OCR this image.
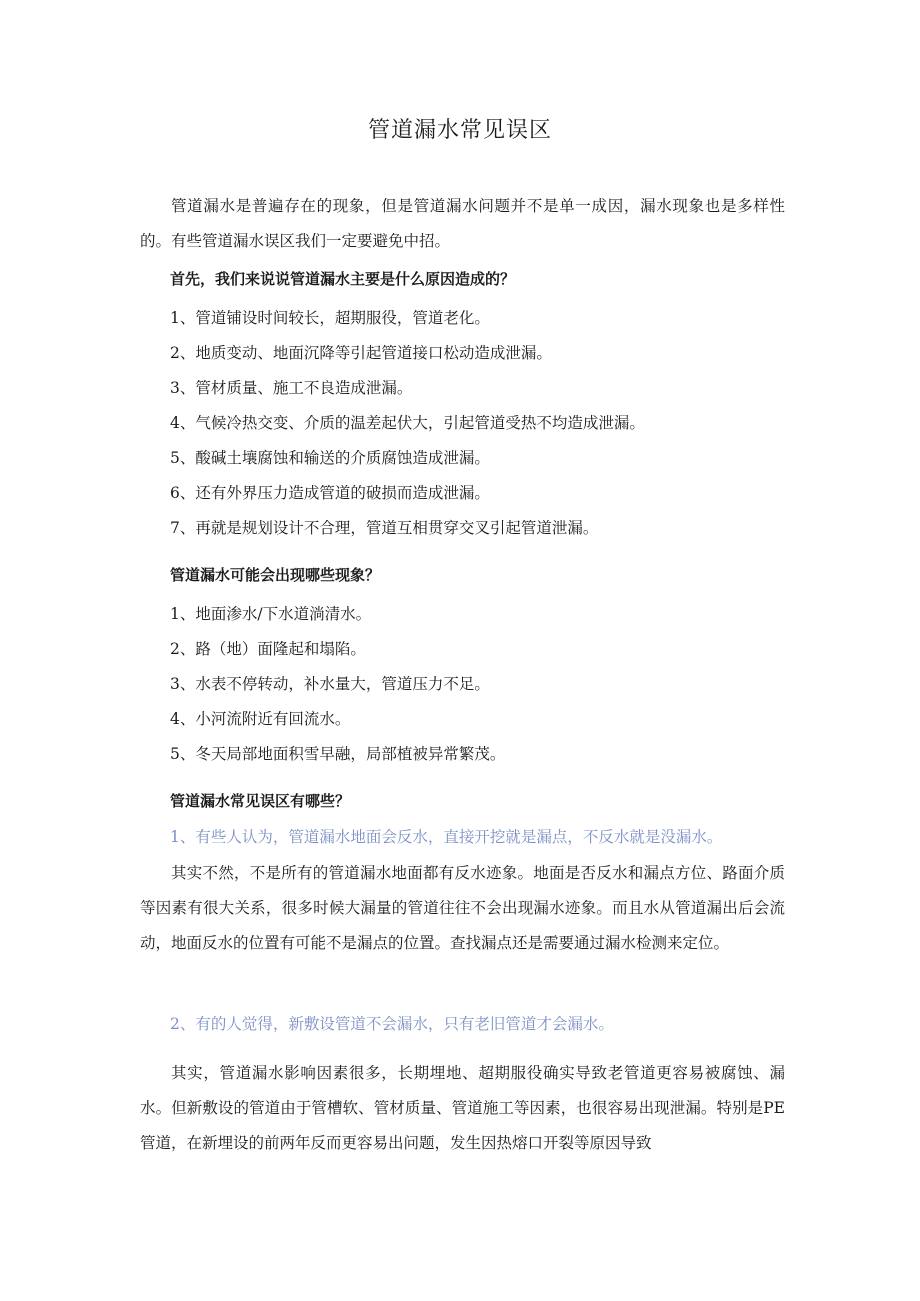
管道漏水常见误区
管道漏水是普遍存在的现象，但是管道漏水问题并不是单一成因，漏水现象也是多样性的。有些管道漏水误区我们一定要避免中招。
首先，我们来说说管道漏水主要是什么原因造成的？
1、管道铺设时间较长，超期服役，管道老化。
2、地质变动、地面沉降等引起管道接口松动造成泄漏。
3、管材质量、施工不良造成泄漏。
4、气候冷热交变、介质的温差起伏大，引起管道受热不均造成泄漏。
5、酸碱土壤腐蚀和输送的介质腐蚀造成泄漏。
6、还有外界压力造成管道的破损而造成泄漏。
7、再就是规划设计不合理，管道互相贯穿交叉引起管道泄漏。
管道漏水可能会出现哪些现象？
1、地面渗水/下水道淌清水。
2、路（地）面隆起和塌陷。
3、水表不停转动，补水量大，管道压力不足。
4、小河流附近有回流水。
5、冬天局部地面积雪早融，局部植被异常繁茂。
管道漏水常见误区有哪些？
1、有些人认为，管道漏水地面会反水，直接开挖就是漏点，不反水就是没漏水。
其实不然，不是所有的管道漏水地面都有反水迹象。地面是否反水和漏点方位、路面介质等因素有很大关系，很多时候大漏量的管道往往不会出现漏水迹象。而且水从管道漏出后会流动，地面反水的位置有可能不是漏点的位置。查找漏点还是需要通过漏水检测来定位。
2、有的人觉得，新敷设管道不会漏水，只有老旧管道才会漏水。
其实，管道漏水影响因素很多，长期埋地、超期服役确实导致老管道更容易被腐蚀、漏水。但新敷设的管道由于管槽软、管材质量、管道施工等因素，也很容易出现泄漏。特别是PE管道，在新埋设的前两年反而更容易出问题，发生因热熔口开裂等原因导致
